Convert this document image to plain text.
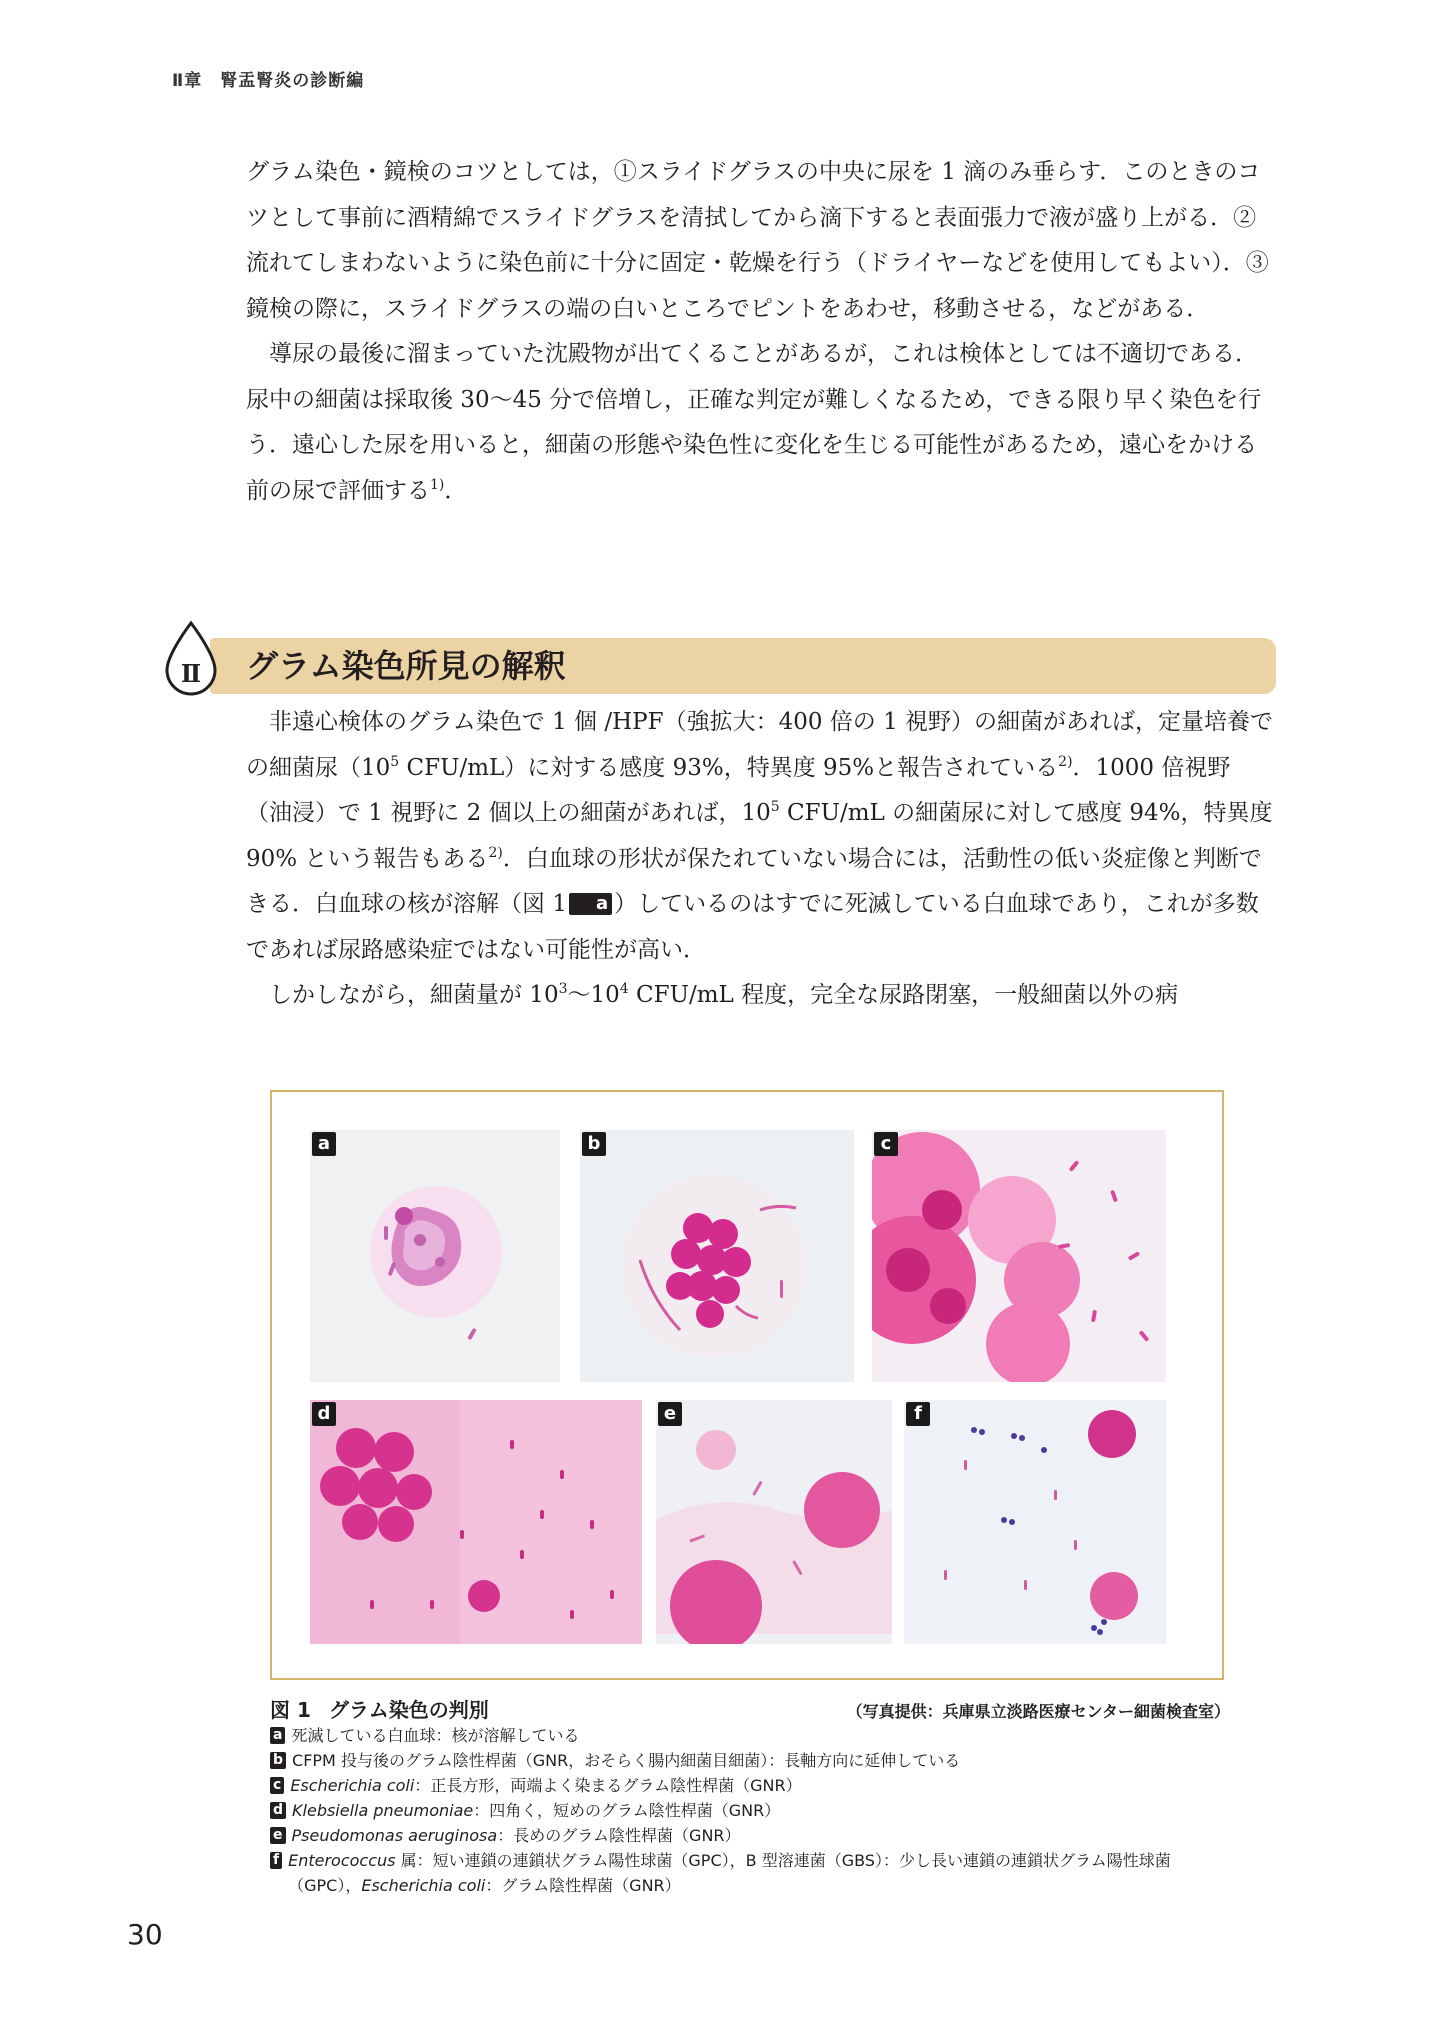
Ⅱ章　腎盂腎炎の診断編

グラム染色・鏡検のコツとしては，①スライドグラスの中央に尿を 1 滴のみ垂らす．このときのコツとして事前に酒精綿でスライドグラスを清拭してから滴下すると表面張力で液が盛り上がる．②流れてしまわないように染色前に十分に固定・乾燥を行う（ドライヤーなどを使用してもよい）．③鏡検の際に，スライドグラスの端の白いところでピントをあわせ，移動させる，などがある．

導尿の最後に溜まっていた沈殿物が出てくることがあるが，これは検体としては不適切である．尿中の細菌は採取後 30～45 分で倍増し，正確な判定が難しくなるため，できる限り早く染色を行う．遠心した尿を用いると，細菌の形態や染色性に変化を生じる可能性があるため，遠心をかける前の尿で評価する$^{1)}$．

Ⅱ グラム染色所見の解釈

非遠心検体のグラム染色で 1 個 /HPF（強拡大：400 倍の 1 視野）の細菌があれば，定量培養での細菌尿（$10^5$ CFU/mL）に対する感度 93%，特異度 95%と報告されている$^{2)}$．1000 倍視野（油浸）で 1 視野に 2 個以上の細菌があれば，$10^5$ CFU/mL の細菌尿に対して感度 94%，特異度 90% という報告もある$^{2)}$．白血球の形状が保たれていない場合には，活動性の低い炎症像と判断できる．白血球の核が溶解（図 1 a ）しているのはすでに死滅している白血球であり，これが多数であれば尿路感染症ではない可能性が高い．

しかしながら，細菌量が $10^3\sim 10^4$ CFU/mL 程度，完全な尿路閉塞，一般細菌以外の病

a	b	c
d	e	f
図 1 グラム染色の判別	（写真提供：兵庫県立淡路医療センター細菌検査室）
a 死滅している白血球：核が溶解している
b CFPM 投与後のグラム陰性桿菌（GNR，おそらく腸内細菌目細菌）：長軸方向に延伸している
c Escherichia coli：正長方形，両端よく染まるグラム陰性桿菌（GNR）
d Klebsiella pneumoniae：四角く，短めのグラム陰性桿菌（GNR）
e Pseudomonas aeruginosa：長めのグラム陰性桿菌（GNR）
f Enterococcus 属：短い連鎖の連鎖状グラム陽性球菌（GPC），B 型溶連菌（GBS）：少し長い連鎖の連鎖状グラム陽性球菌（GPC），Escherichia coli：グラム陰性桿菌（GNR）
30
